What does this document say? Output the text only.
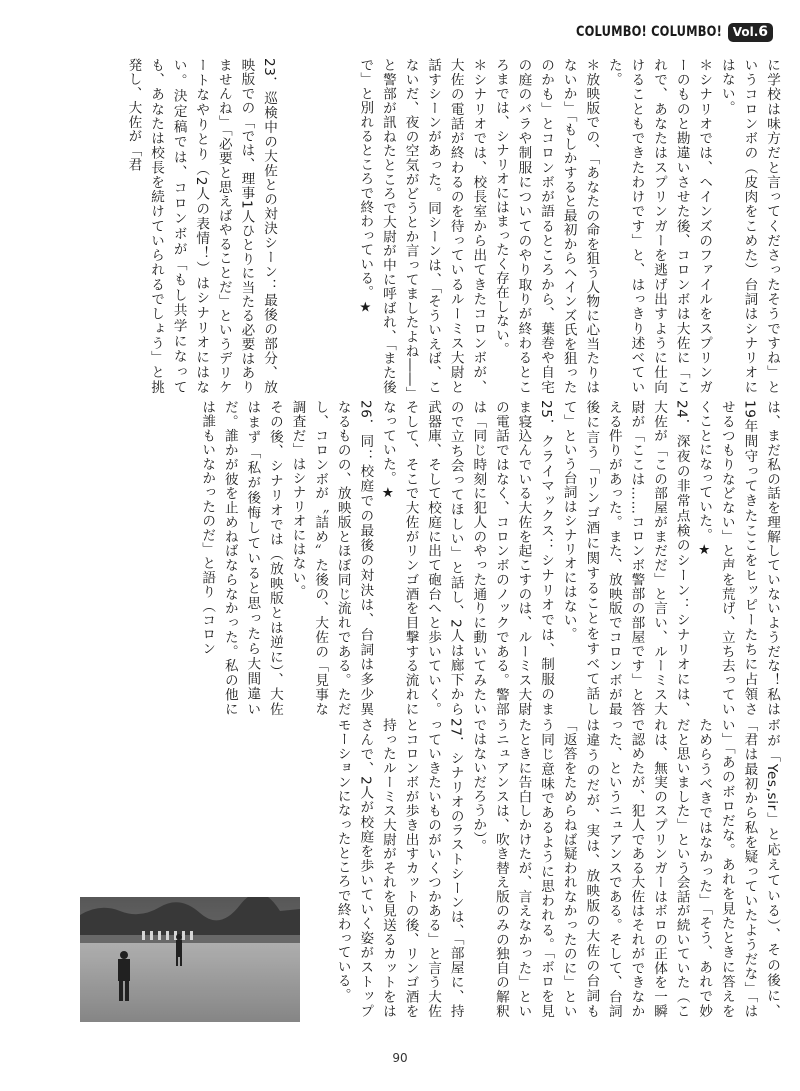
COLUMBO! COLUMBO! Vol.6

に学校は味方だと言ってくださったそうですね」というコロンボの（皮肉をこめた）台詞はシナリオにはない。

＊シナリオでは、ヘインズのファイルをスプリンガーのものと勘違いさせた後、コロンボは大佐に「これで、あなたはスプリンガーを逃げ出すように仕向けることもできたわけです」と、はっきり述べていた。

＊放映版での、「あなたの命を狙う人物に心当たりはないか」「もしかすると最初からヘインズ氏を狙ったのかも」とコロンボが語るところから、葉巻や自宅の庭のバラや制服についてのやり取りが終わるところまでは、シナリオにはまったく存在しない。

＊シナリオでは、校長室から出てきたコロンボが、大佐の電話が終わるのを待っているルーミス大尉と話すシーンがあった。同シーンは、「そういえば、こないだ、夜の空気がどうとか言ってましたよね――」と警部が訊ねたところで大尉が中に呼ばれ、「また後で」と別れるところで終わっている。★

23．巡検中の大佐との対決シーン：最後の部分、放映版での「では、理事1人ひとりに当たる必要はありませんね」「必要と思えばやることだ」というデリケートなやりとり（2人の表情！）はシナリオにはない。決定稿では、コロンボが「もし共学になっても、あなたは校長を続けていられるでしょう」と挑発し、大佐が「君

は、まだ私の話を理解していないようだな！私は19年間守ってきたここをヒッピーたちに占領させるつもりなどない」と声を荒げ、立ち去っていくことになっていた。★

24．深夜の非常点検のシーン：シナリオには、大佐が「この部屋がまだだ」と言い、ルーミス大尉が「ここは……コロンボ警部の部屋です」と答える件りがあった。また、放映版でコロンボが最後に言う「リンゴ酒に関することをすべて話して」という台詞はシナリオにはない。

25．クライマックス：シナリオでは、制服のまま寝込んでいる大佐を起こすのは、ルーミス大尉の電話ではなく、コロンボのノックである。警部は「同じ時刻に犯人のやった通りに動いてみたいので立ち会ってほしい」と話し、2人は廊下から武器庫、そして校庭に出て砲台へと歩いていく。そして、そこで大佐がリンゴ酒を目撃する流れになっていた。★

26．同：校庭での最後の対決は、台詞は多少異なるものの、放映版とほぼ同じ流れである。ただし、コロンボが〝詰め〟た後の、大佐の「見事な調査だ」はシナリオにはない。

その後、シナリオでは（放映版とは逆に）、大佐はまず「私が後悔していると思ったら大間違いだ。誰かが彼を止めねばならなかった。私の他には誰もいなかったのだ」と語り（コロン

ボが「Yes,sir」と応えている）、その後に、「君は最初から私を疑っていたようだな」「はい」「あのボロだな。あれを見たときに答えをためらうべきではなかった」「そう、あれで妙だと思いました」という会話が続いていた（これは、無実のスプリンガーはボロの正体を一瞬で認めたが、犯人である大佐はそれができなかった、というニュアンスである。そして、台詞は違うのだが、実は、放映版の大佐の台詞も「返答をためらねば疑われなかったのに」という同じ意味であるように思われる。「ボロを見たときに告白しかけたが、言えなかった」というニュアンスは、吹き替え版のみの独自の解釈ではないだろうか）。

27．シナリオのラストシーンは、「部屋に、持っていきたいものがいくつかある」と言う大佐とコロンボが歩き出すカットの後、リンゴ酒を持ったルーミス大尉がそれを見送るカットをはさんで、2人が校庭を歩いていく姿がストップモーションになったところで終わっている。

90
